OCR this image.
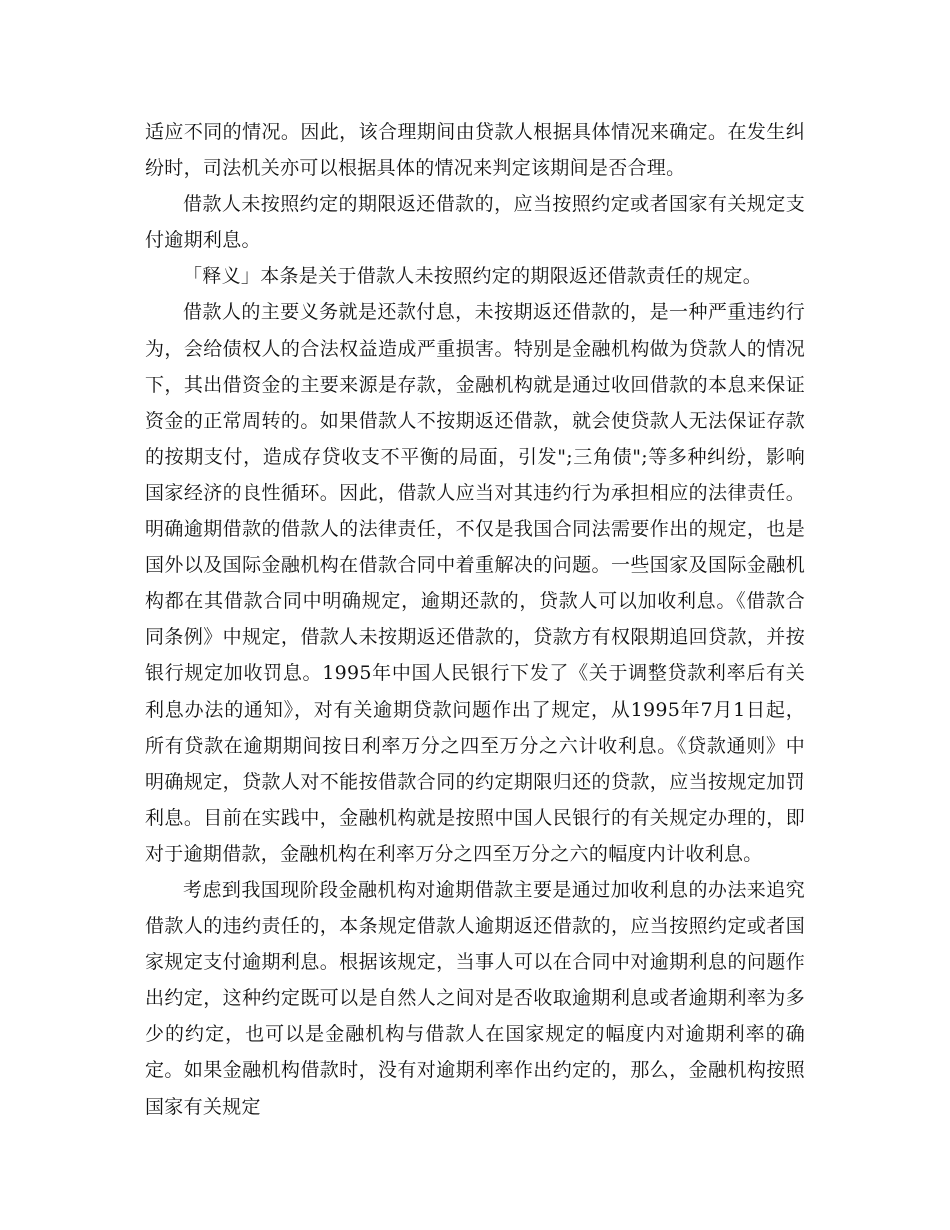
适应不同的情况。因此，该合理期间由贷款人根据具体情况来确定。在发生纠纷时，司法机关亦可以根据具体的情况来判定该期间是否合理。

借款人未按照约定的期限返还借款的，应当按照约定或者国家有关规定支付逾期利息。

「释义」本条是关于借款人未按照约定的期限返还借款责任的规定。

借款人的主要义务就是还款付息，未按期返还借款的，是一种严重违约行为，会给债权人的合法权益造成严重损害。特别是金融机构做为贷款人的情况下，其出借资金的主要来源是存款，金融机构就是通过收回借款的本息来保证资金的正常周转的。如果借款人不按期返还借款，就会使贷款人无法保证存款的按期支付，造成存贷收支不平衡的局面，引发";三角债";等多种纠纷，影响国家经济的良性循环。因此，借款人应当对其违约行为承担相应的法律责任。明确逾期借款的借款人的法律责任，不仅是我国合同法需要作出的规定，也是国外以及国际金融机构在借款合同中着重解决的问题。一些国家及国际金融机构都在其借款合同中明确规定，逾期还款的，贷款人可以加收利息。《借款合同条例》中规定，借款人未按期返还借款的，贷款方有权限期追回贷款，并按银行规定加收罚息。1995年中国人民银行下发了《关于调整贷款利率后有关利息办法的通知》，对有关逾期贷款问题作出了规定，从1995年7月1日起，所有贷款在逾期期间按日利率万分之四至万分之六计收利息。《贷款通则》中明确规定，贷款人对不能按借款合同的约定期限归还的贷款，应当按规定加罚利息。目前在实践中，金融机构就是按照中国人民银行的有关规定办理的，即对于逾期借款，金融机构在利率万分之四至万分之六的幅度内计收利息。

考虑到我国现阶段金融机构对逾期借款主要是通过加收利息的办法来追究借款人的违约责任的，本条规定借款人逾期返还借款的，应当按照约定或者国家规定支付逾期利息。根据该规定，当事人可以在合同中对逾期利息的问题作出约定，这种约定既可以是自然人之间对是否收取逾期利息或者逾期利率为多少的约定，也可以是金融机构与借款人在国家规定的幅度内对逾期利率的确定。如果金融机构借款时，没有对逾期利率作出约定的，那么，金融机构按照国家有关规定
